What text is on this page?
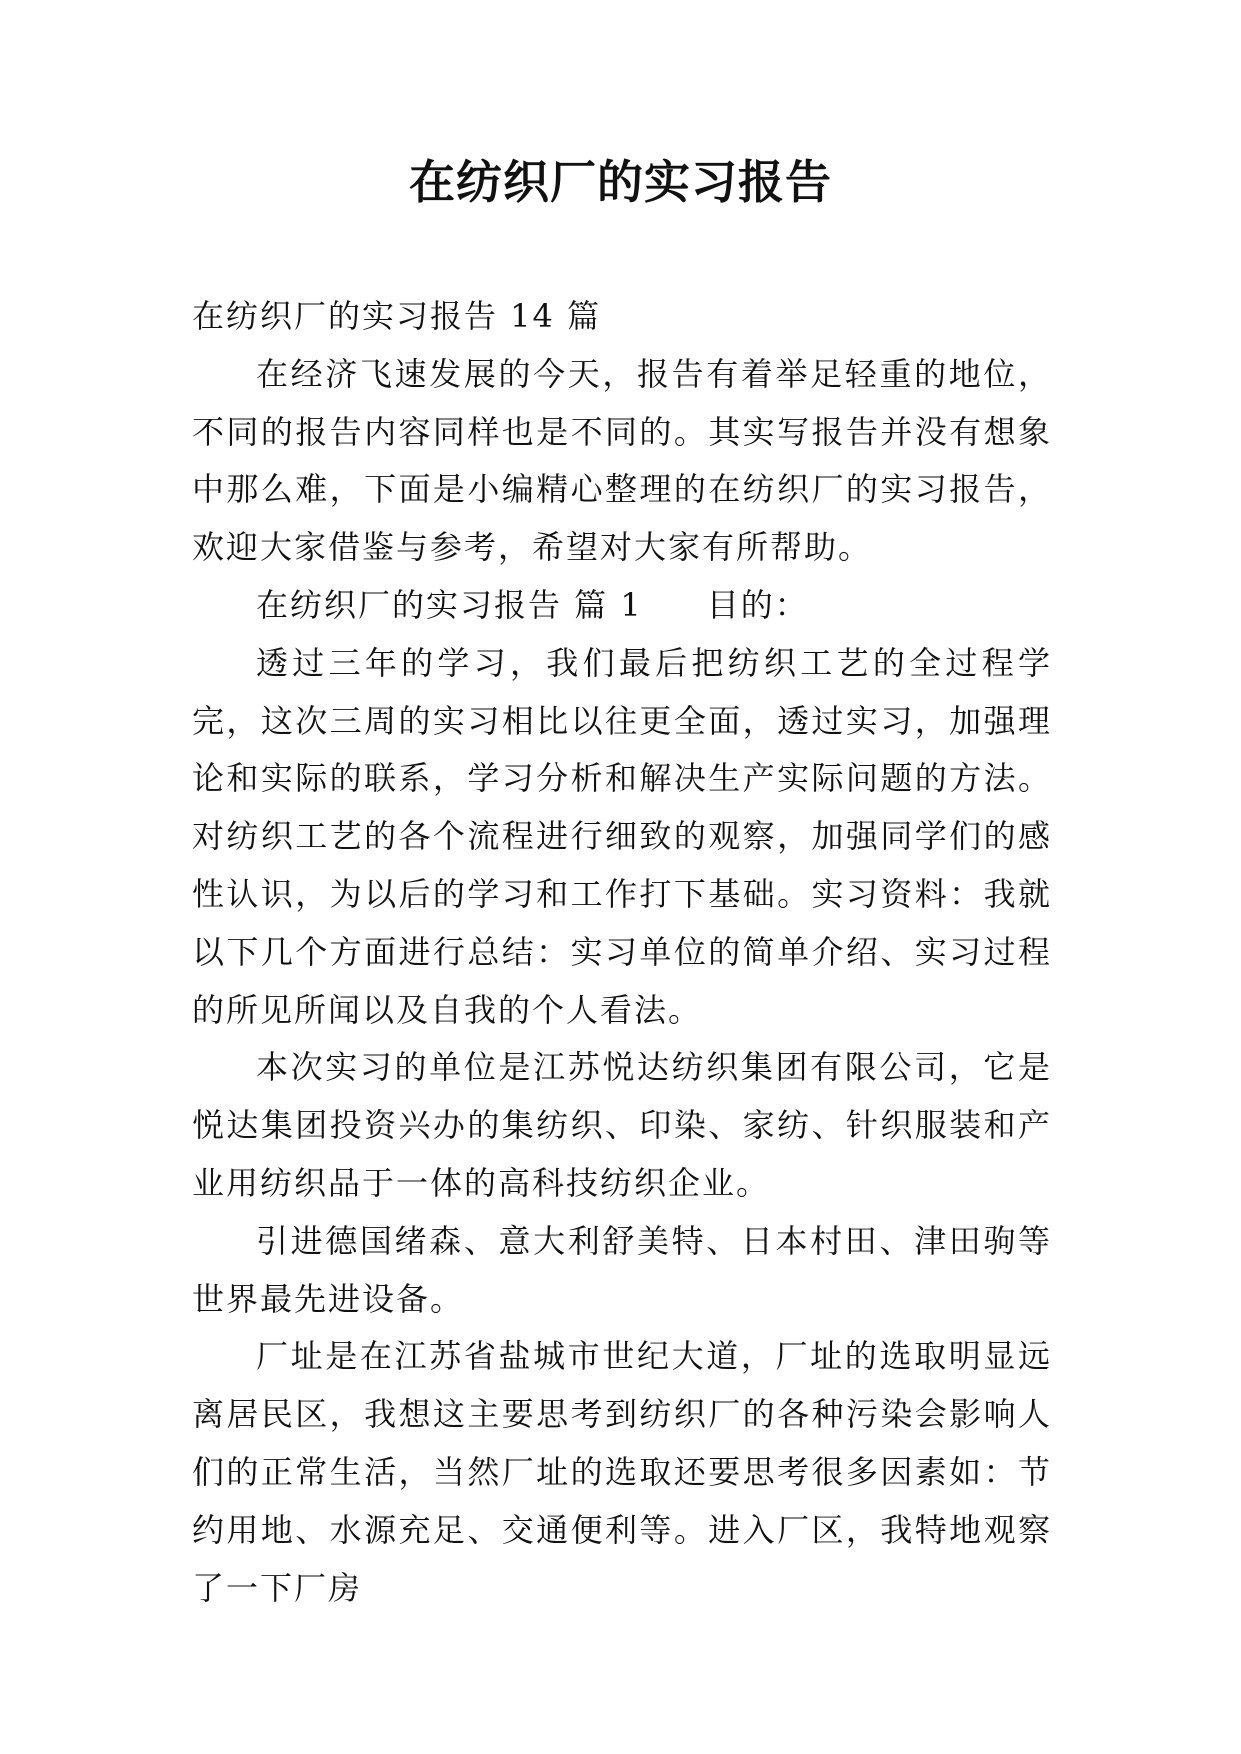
在纺织厂的实习报告

在纺织厂的实习报告 14 篇

在经济飞速发展的今天，报告有着举足轻重的地位，不同的报告内容同样也是不同的。其实写报告并没有想象中那么难，下面是小编精心整理的在纺织厂的实习报告，欢迎大家借鉴与参考，希望对大家有所帮助。

在纺织厂的实习报告 篇 1 目的：

透过三年的学习，我们最后把纺织工艺的全过程学完，这次三周的实习相比以往更全面，透过实习，加强理论和实际的联系，学习分析和解决生产实际问题的方法。对纺织工艺的各个流程进行细致的观察，加强同学们的感性认识，为以后的学习和工作打下基础。实习资料：我就以下几个方面进行总结：实习单位的简单介绍、实习过程的所见所闻以及自我的个人看法。

本次实习的单位是江苏悦达纺织集团有限公司，它是悦达集团投资兴办的集纺织、印染、家纺、针织服装和产业用纺织品于一体的高科技纺织企业。

引进德国绪森、意大利舒美特、日本村田、津田驹等世界最先进设备。

厂址是在江苏省盐城市世纪大道，厂址的选取明显远离居民区，我想这主要思考到纺织厂的各种污染会影响人们的正常生活，当然厂址的选取还要思考很多因素如：节约用地、水源充足、交通便利等。进入厂区，我特地观察了一下厂房
